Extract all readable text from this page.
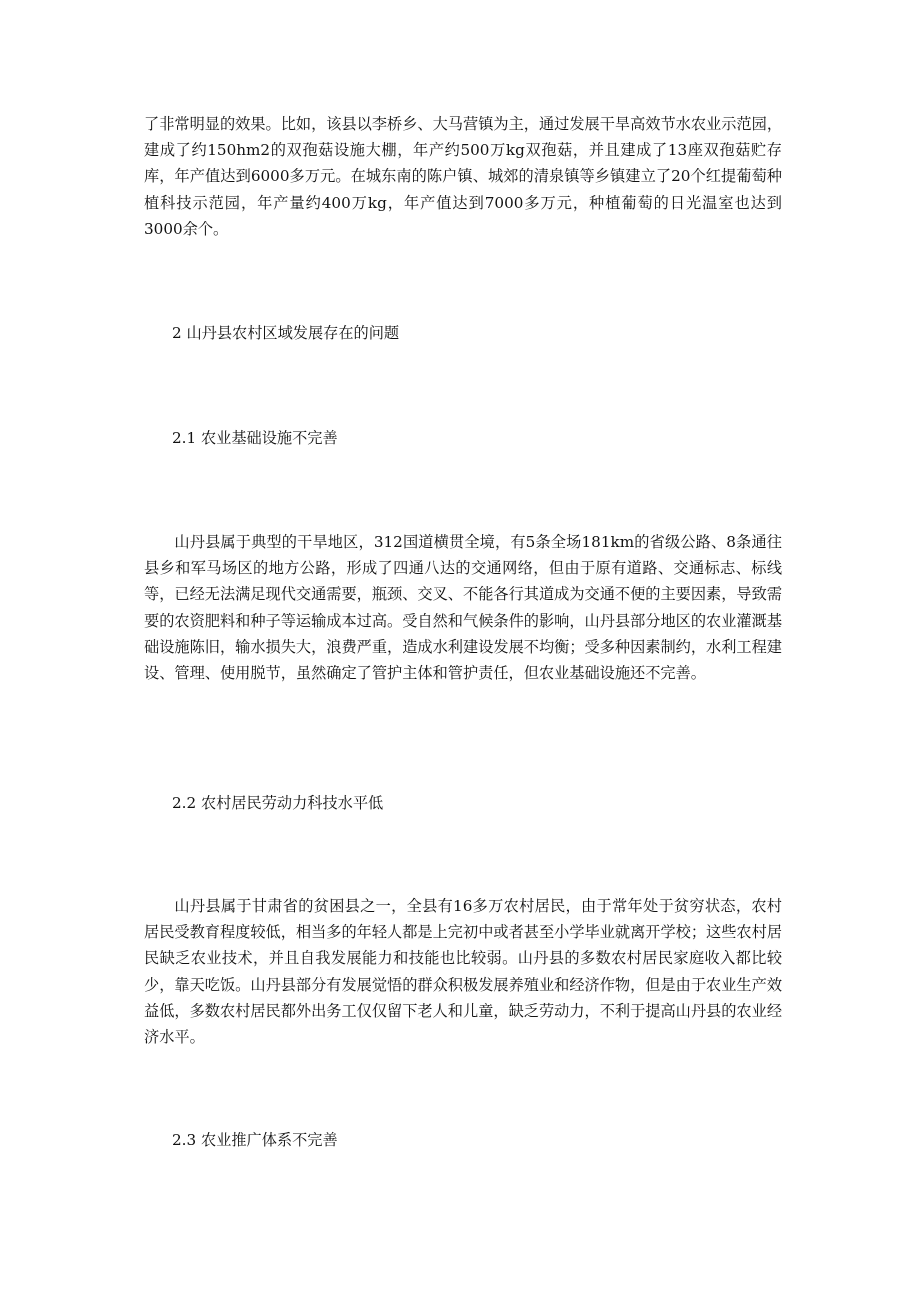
了非常明显的效果。比如，该县以李桥乡、大马营镇为主，通过发展干旱高效节水农业示范园，建成了约150hm2的双孢菇设施大棚，年产约500万kg双孢菇，并且建成了13座双孢菇贮存库，年产值达到6000多万元。在城东南的陈户镇、城郊的清泉镇等乡镇建立了20个红提葡萄种植科技示范园，年产量约400万kg，年产值达到7000多万元，种植葡萄的日光温室也达到3000余个。

2 山丹县农村区域发展存在的问题

2.1 农业基础设施不完善

山丹县属于典型的干旱地区，312国道横贯全境，有5条全场181km的省级公路、8条通往县乡和军马场区的地方公路，形成了四通八达的交通网络，但由于原有道路、交通标志、标线等，已经无法满足现代交通需要，瓶颈、交叉、不能各行其道成为交通不便的主要因素，导致需要的农资肥料和种子等运输成本过高。受自然和气候条件的影响，山丹县部分地区的农业灌溉基础设施陈旧，输水损失大，浪费严重，造成水利建设发展不均衡；受多种因素制约，水利工程建设、管理、使用脱节，虽然确定了管护主体和管护责任，但农业基础设施还不完善。

2.2 农村居民劳动力科技水平低

山丹县属于甘肃省的贫困县之一，全县有16多万农村居民，由于常年处于贫穷状态，农村居民受教育程度较低，相当多的年轻人都是上完初中或者甚至小学毕业就离开学校；这些农村居民缺乏农业技术，并且自我发展能力和技能也比较弱。山丹县的多数农村居民家庭收入都比较少，靠天吃饭。山丹县部分有发展觉悟的群众积极发展养殖业和经济作物，但是由于农业生产效益低，多数农村居民都外出务工仅仅留下老人和儿童，缺乏劳动力，不利于提高山丹县的农业经济水平。

2.3 农业推广体系不完善
